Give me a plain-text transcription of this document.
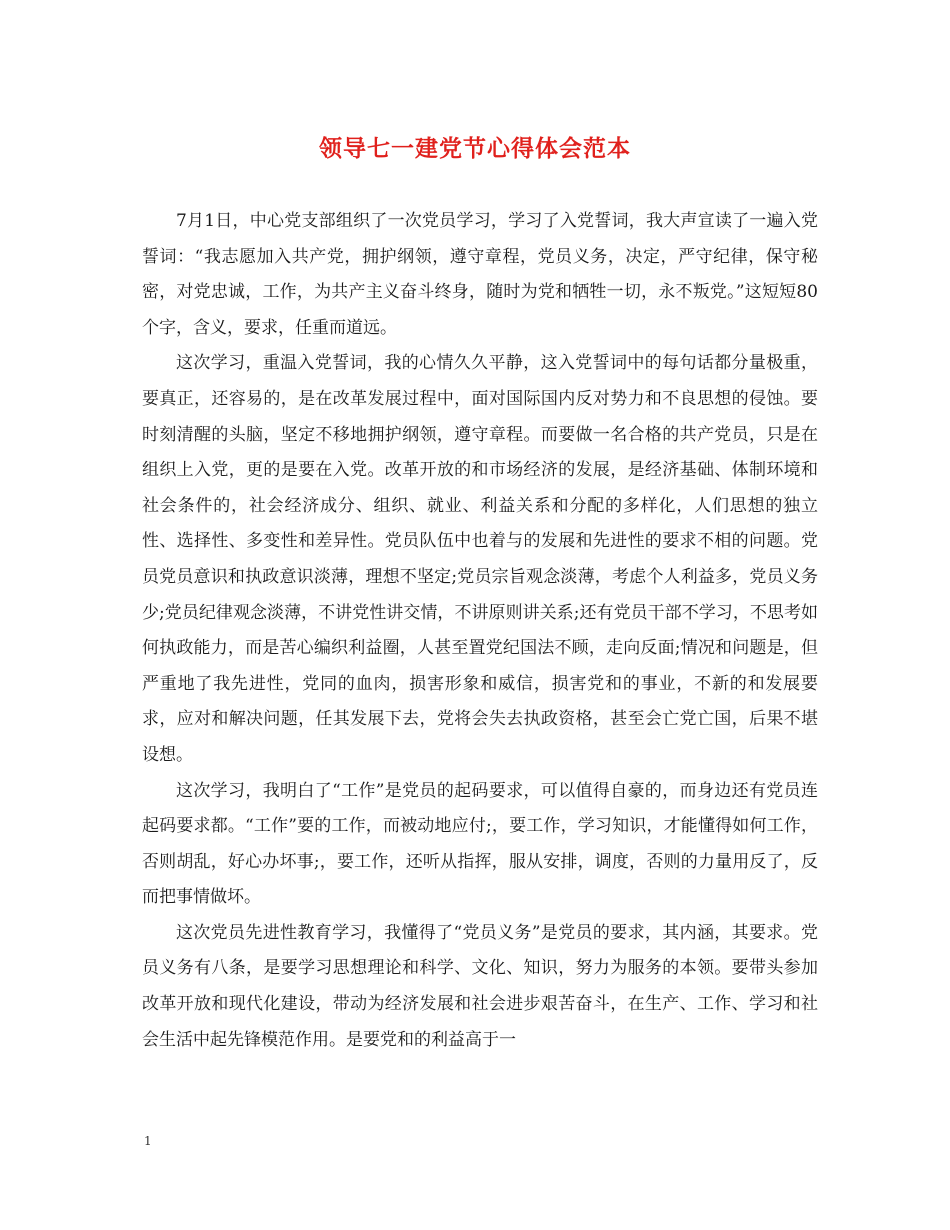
领导七一建党节心得体会范本

7月1日，中心党支部组织了一次党员学习，学习了入党誓词，我大声宣读了一遍入党誓词：“我志愿加入共产党，拥护纲领，遵守章程，党员义务，决定，严守纪律，保守秘密，对党忠诚，工作，为共产主义奋斗终身，随时为党和牺牲一切，永不叛党。”这短短80个字，含义，要求，任重而道远。

这次学习，重温入党誓词，我的心情久久平静，这入党誓词中的每句话都分量极重，要真正，还容易的，是在改革发展过程中，面对国际国内反对势力和不良思想的侵蚀。要时刻清醒的头脑，坚定不移地拥护纲领，遵守章程。而要做一名合格的共产党员，只是在组织上入党，更的是要在入党。改革开放的和市场经济的发展，是经济基础、体制环境和社会条件的，社会经济成分、组织、就业、利益关系和分配的多样化，人们思想的独立性、选择性、多变性和差异性。党员队伍中也着与的发展和先进性的要求不相的问题。党员党员意识和执政意识淡薄，理想不坚定;党员宗旨观念淡薄，考虑个人利益多，党员义务少;党员纪律观念淡薄，不讲党性讲交情，不讲原则讲关系;还有党员干部不学习，不思考如何执政能力，而是苦心编织利益圈，人甚至置党纪国法不顾，走向反面;情况和问题是，但严重地了我先进性，党同的血肉，损害形象和威信，损害党和的事业，不新的和发展要求，应对和解决问题，任其发展下去，党将会失去执政资格，甚至会亡党亡国，后果不堪设想。

这次学习，我明白了“工作”是党员的起码要求，可以值得自豪的，而身边还有党员连起码要求都。“工作”要的工作，而被动地应付;，要工作，学习知识，才能懂得如何工作，否则胡乱，好心办坏事;，要工作，还听从指挥，服从安排，调度，否则的力量用反了，反而把事情做坏。

这次党员先进性教育学习，我懂得了“党员义务”是党员的要求，其内涵，其要求。党员义务有八条，是要学习思想理论和科学、文化、知识，努力为服务的本领。要带头参加改革开放和现代化建设，带动为经济发展和社会进步艰苦奋斗，在生产、工作、学习和社会生活中起先锋模范作用。是要党和的利益高于一

1
